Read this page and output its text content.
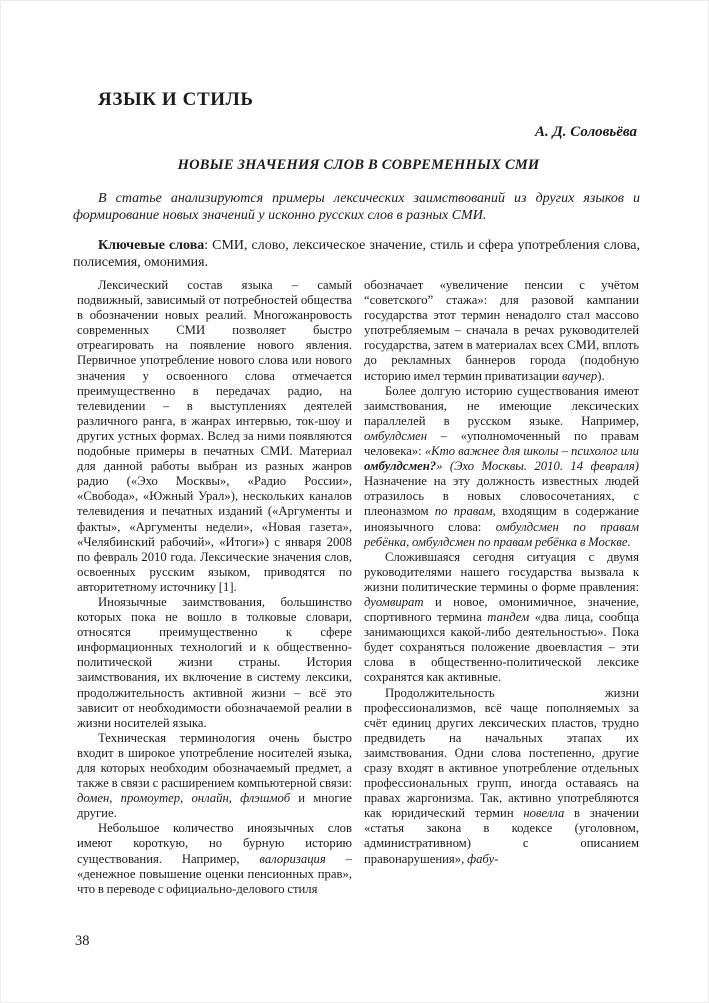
ЯЗЫК И СТИЛЬ
А. Д. Соловьёва
НОВЫЕ ЗНАЧЕНИЯ СЛОВ В СОВРЕМЕННЫХ СМИ
В статье анализируются примеры лексических заимствований из других языков и формирование новых значений у исконно русских слов в разных СМИ.
Ключевые слова: СМИ, слово, лексическое значение, стиль и сфера употребления слова, полисемия, омонимия.

Лексический состав языка – самый подвижный, зависимый от потребностей общества в обозначении новых реалий. Многожанровость современных СМИ позволяет быстро отреагировать на появление нового явления. Первичное употребление нового слова или нового значения у освоенного слова отмечается преимущественно в передачах радио, на телевидении – в выступлениях деятелей различного ранга, в жанрах интервью, ток-шоу и других устных формах. Вслед за ними появляются подобные примеры в печатных СМИ. Материал для данной работы выбран из разных жанров радио («Эхо Москвы», «Радио России», «Свобода», «Южный Урал»), нескольких каналов телевидения и печатных изданий («Аргументы и факты», «Аргументы недели», «Новая газета», «Челябинский рабочий», «Итоги») с января 2008 по февраль 2010 года. Лексические значения слов, освоенных русским языком, приводятся по авторитетному источнику [1].

Иноязычные заимствования, большинство которых пока не вошло в толковые словари, относятся преимущественно к сфере информационных технологий и к общественно-политической жизни страны. История заимствования, их включение в систему лексики, продолжительность активной жизни – всё это зависит от необходимости обозначаемой реалии в жизни носителей языка.

Техническая терминология очень быстро входит в широкое употребление носителей языка, для которых необходим обозначаемый предмет, а также в связи с расширением компьютерной связи: домен, промоутер, онлайн, флэшмоб и многие другие.

Небольшое количество иноязычных слов имеют короткую, но бурную историю существования. Например, валоризация – «денежное повышение оценки пенсионных прав», что в переводе с официально-делового стиля

обозначает «увеличение пенсии с учётом “советского” стажа»: для разовой кампании государства этот термин ненадолго стал массово употребляемым – сначала в речах руководителей государства, затем в материалах всех СМИ, вплоть до рекламных баннеров города (подобную историю имел термин приватизации ваучер).

Более долгую историю существования имеют заимствования, не имеющие лексических параллелей в русском языке. Например, омбулдсмен – «уполномоченный по правам человека»: «Кто важнее для школы – психолог или омбулдсмен?» (Эхо Москвы. 2010. 14 февраля) Назначение на эту должность известных людей отразилось в новых словосочетаниях, с плеоназмом по правам, входящим в содержание иноязычного слова: омбулдсмен по правам ребёнка, омбулдсмен по правам ребёнка в Москве.

Сложившаяся сегодня ситуация с двумя руководителями нашего государства вызвала к жизни политические термины о форме правления: дуомвират и новое, омонимичное, значение, спортивного термина тандем «два лица, сообща занимающихся какой-либо деятельностью». Пока будет сохраняться положение двоевластия – эти слова в общественно-политической лексике сохранятся как активные.

Продолжительность жизни профессионализмов, всё чаще пополняемых за счёт единиц других лексических пластов, трудно предвидеть на начальных этапах их заимствования. Одни слова постепенно, другие сразу входят в активное употребление отдельных профессиональных групп, иногда оставаясь на правах жаргонизма. Так, активно употребляются как юридический термин новелла в значении «статья закона в кодексе (уголовном, административном) с описанием правонарушения», фабу-

38
